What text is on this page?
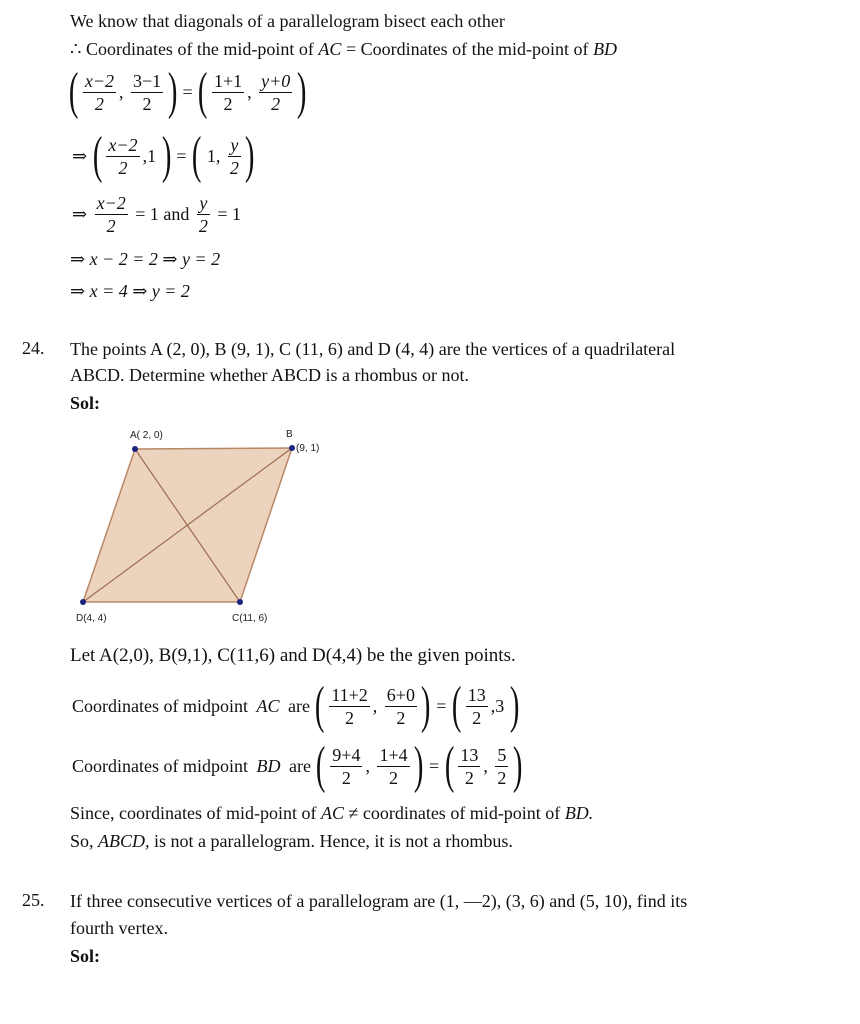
We know that diagonals of a parallelogram bisect each other
∴ Coordinates of the mid-point of AC = Coordinates of the mid-point of BD
( $\frac{x-2}{2}$ , $\frac{3-1}{2}$ ) = ( $\frac{1+1}{2}$ , $\frac{y+0}{2}$ )
⇒ ( $\frac{x-2}{2} ,1$ ) = ( 1, $\frac{y}{2}$ )
⇒ $\frac{x-2}{2} = 1$ and $\frac{y}{2} = 1$
⇒ x − 2 = 2 ⇒ y = 2
⇒ x = 4 ⇒ y = 2
24. The points A (2, 0), B (9, 1), C (11, 6) and D (4, 4) are the vertices of a quadrilateral
ABCD. Determine whether ABCD is a rhombus or not.
Sol:
A( 2, 0)	B
(9, 1)
C(11, 6)
D(4, 4)
Let A(2,0), B(9,1), C(11,6) and D(4,4) be the given points.
Coordinates of midpoint AC are ( $\frac{11+2}{2}$ , $\frac{6+0}{2}$ ) = ( $\frac{13}{2} ,3$ )
Coordinates of midpoint BD are ( $\frac{9+4}{2}$ , $\frac{1+4}{2}$ ) = ( $\frac{13}{2}$ , $\frac{5}{2}$ )
Since, coordinates of mid-point of AC ≠ coordinates of mid-point of BD.
So, ABCD, is not a parallelogram. Hence, it is not a rhombus.
25. If three consecutive vertices of a parallelogram are (1, —2), (3, 6) and (5, 10), find its
fourth vertex.
Sol:
